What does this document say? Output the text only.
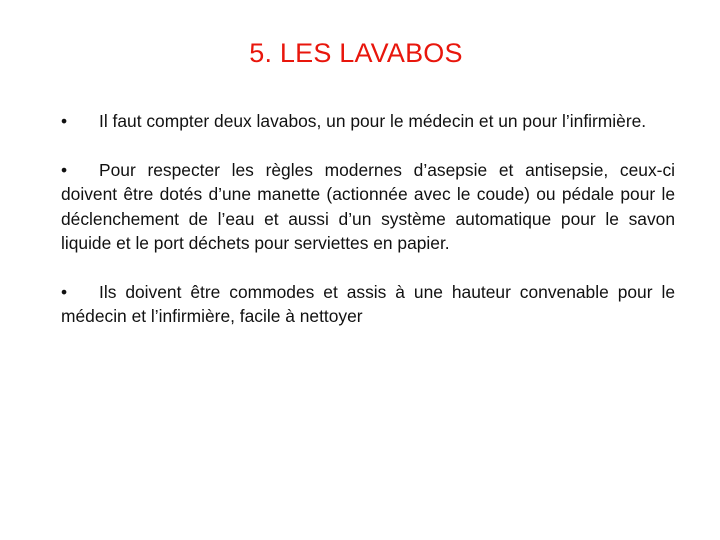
5. LES LAVABOS

• Il faut compter deux lavabos, un pour le médecin et un pour l’infirmière.

• Pour respecter les règles modernes d’asepsie et antisepsie, ceux-ci doivent être dotés d’une manette (actionnée avec le coude) ou pédale pour le déclenchement de l’eau et aussi d’un système automatique pour le savon liquide et le port déchets pour serviettes en papier.

• Ils doivent être commodes et assis à une hauteur convenable pour le médecin et l’infirmière, facile à nettoyer
